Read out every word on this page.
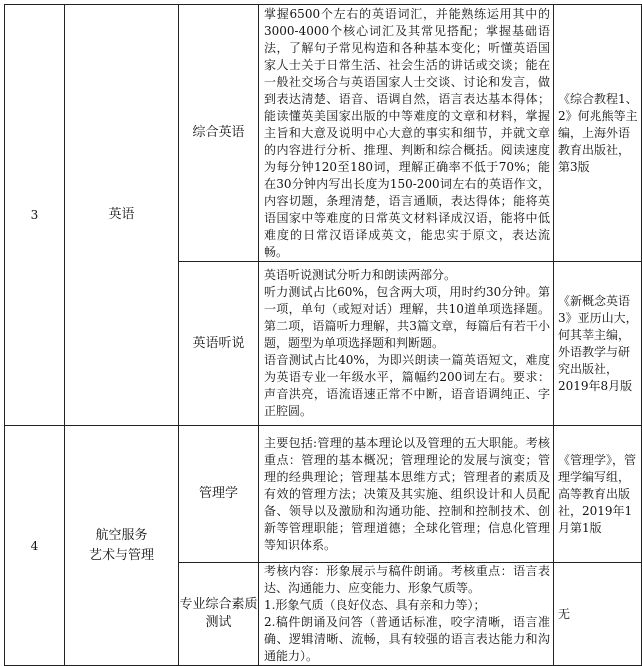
3	英语	综合英语	掌握6500个左右的英语词汇，并能熟练运用其中的3000-4000个核心词汇及其常见搭配；掌握基础语法，了解句子常见构造和各种基本变化；听懂英语国家人士关于日常生活、社会生活的讲话或交谈；能在一般社交场合与英语国家人士交谈、讨论和发言，做到表达清楚、语音、语调自然，语言表达基本得体；能读懂英美国家出版的中等难度的文章和材料，掌握主旨和大意及说明中心大意的事实和细节，并就文章的内容进行分析、推理、判断和综合概括。阅读速度为每分钟120至180词，理解正确率不低于70%；能在30分钟内写出长度为150-200词左右的英语作文，内容切题，条理清楚，语言通顺，表达得体；能将英语国家中等难度的日常英文材料译成汉语，能将中低难度的日常汉语译成英文，能忠实于原文，表达流畅。	《综合教程1、2》何兆熊等主编，上海外语教育出版社，第3版
		英语听说	英语听说测试分听力和朗读两部分。

听力测试占比60%，包含两大项，用时约30分钟。第一项，单句（或短对话）理解，共10道单项选择题。第二项，语篇听力理解，共3篇文章，每篇后有若干小题，题型为单项选择题和判断题。

语音测试占比40%，为即兴朗读一篇英语短文，难度为英语专业一年级水平，篇幅约200词左右。要求：声音洪亮，语流语速正常不中断，语音语调纯正、字正腔圆。	《新概念英语3》亚历山大，何其莘主编，外语教学与研究出版社，2019年8月版
4	航空服务
艺术与管理	管理学	主要包括:管理的基本理论以及管理的五大职能。考核重点：管理的基本概况；管理理论的发展与演变；管理的经典理论；管理基本思维方式；管理者的素质及有效的管理方法；决策及其实施、组织设计和人员配备、领导以及激励和沟通功能、控制和控制技术、创新等管理职能；管理道德；全球化管理；信息化管理等知识体系。	《管理学》，管理学编写组，高等教育出版社，2019年1月第1版
		专业综合素质测试	考核内容：形象展示与稿件朗诵。考核重点：语言表达、沟通能力、应变能力、形象气质等。

1.形象气质（良好仪态、具有亲和力等）；

2.稿件朗诵及问答（普通话标准，咬字清晰，语言准确、逻辑清晰、流畅，具有较强的语言表达能力和沟通能力）。	无
